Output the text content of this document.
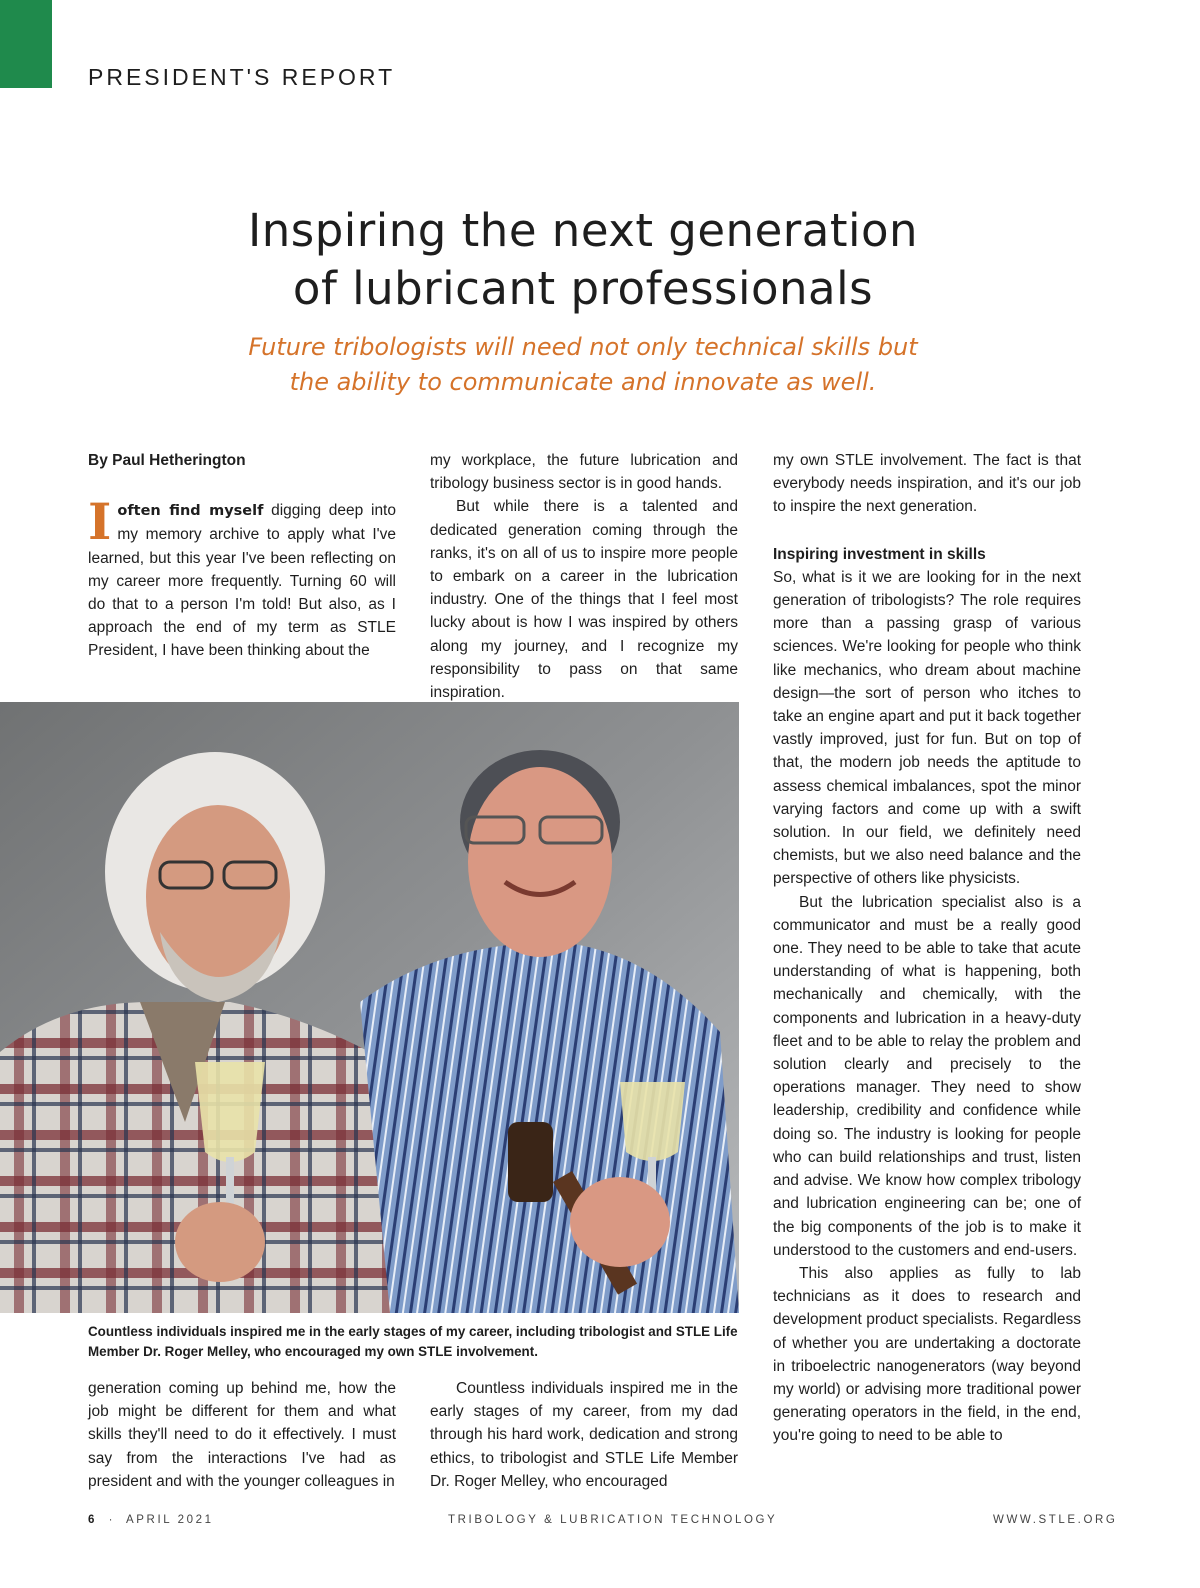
PRESIDENT'S REPORT
Inspiring the next generation
of lubricant professionals

Future tribologists will need not only technical skills but
the ability to communicate and innovate as well.

By Paul Hetherington

Ioften find myself digging deep into my memory archive to apply what I've learned, but this year I've been reflecting on my career more frequently. Turning 60 will do that to a person I'm told! But also, as I approach the end of my term as STLE President, I have been thinking about the

my workplace, the future lubrication and tribology business sector is in good hands.

But while there is a talented and dedicated generation coming through the ranks, it's on all of us to inspire more people to embark on a career in the lubrication industry. One of the things that I feel most lucky about is how I was inspired by others along my journey, and I recognize my responsibility to pass on that same inspiration.

my own STLE involvement. The fact is that everybody needs inspiration, and it's our job to inspire the next generation.

Inspiring investment in skills

So, what is it we are looking for in the next generation of tribologists? The role requires more than a passing grasp of various sciences. We're looking for people who think like mechanics, who dream about machine design—the sort of person who itches to take an engine apart and put it back together vastly improved, just for fun. But on top of that, the modern job needs the aptitude to assess chemical imbalances, spot the minor varying factors and come up with a swift solution. In our field, we definitely need chemists, but we also need balance and the perspective of others like physicists.

But the lubrication specialist also is a communicator and must be a really good one. They need to be able to take that acute understanding of what is happening, both mechanically and chemically, with the components and lubrication in a heavy-duty fleet and to be able to relay the problem and solution clearly and precisely to the operations manager. They need to show leadership, credibility and confidence while doing so. The industry is looking for people who can build relationships and trust, listen and advise. We know how complex tribology and lubrication engineering can be; one of the big components of the job is to make it understood to the customers and end-users.

This also applies as fully to lab technicians as it does to research and development product specialists. Regardless of whether you are undertaking a doctorate in triboelectric nanogenerators (way beyond my world) or advising more traditional power generating operators in the field, in the end, you're going to need to be able to

Countless individuals inspired me in the early stages of my career, including tribologist and STLE Life Member Dr. Roger Melley, who encouraged my own STLE involvement.

generation coming up behind me, how the job might be different for them and what skills they'll need to do it effectively. I must say from the interactions I've had as president and with the younger colleagues in

Countless individuals inspired me in the early stages of my career, from my dad through his hard work, dedication and strong ethics, to tribologist and STLE Life Member Dr. Roger Melley, who encouraged

6 · APRIL 2021	TRIBOLOGY & LUBRICATION TECHNOLOGY	WWW.STLE.ORG
